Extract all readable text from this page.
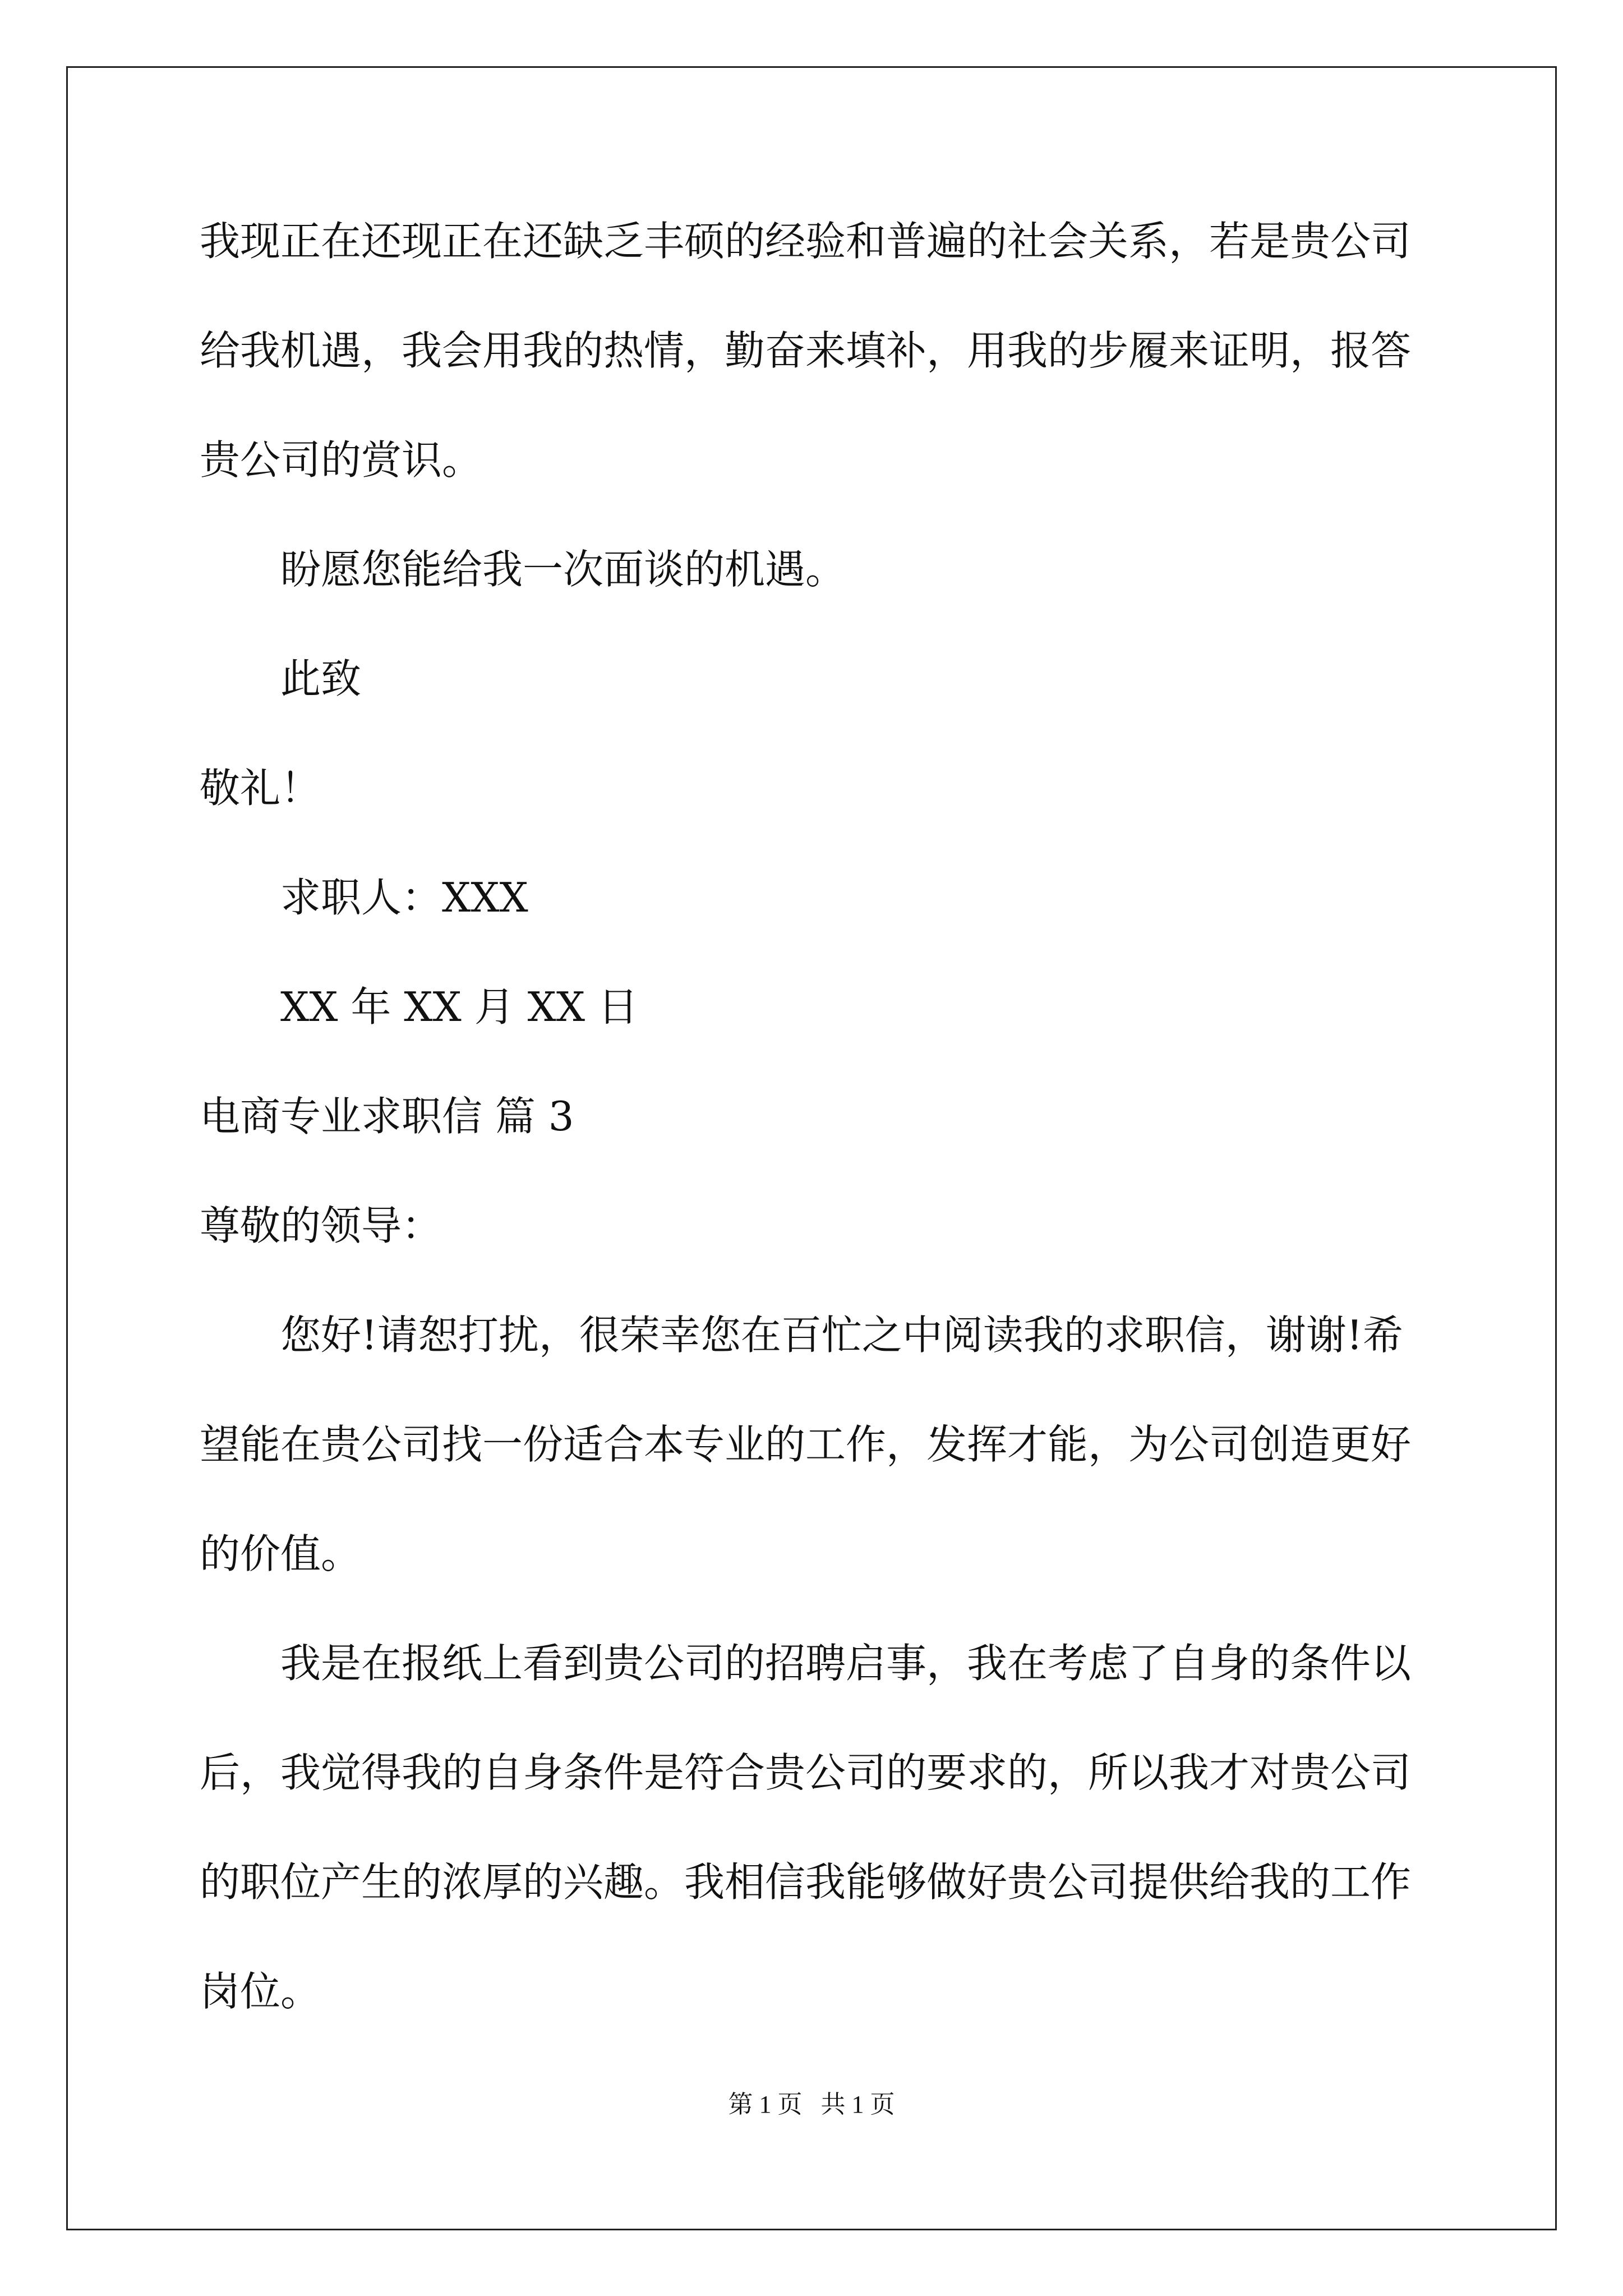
我现正在还现正在还缺乏丰硕的经验和普遍的社会关系，若是贵公司

给我机遇，我会用我的热情，勤奋来填补，用我的步履来证明，报答

贵公司的赏识。

盼愿您能给我一次面谈的机遇。

此致

敬礼！

求职人：XXX

XX 年 XX 月 XX 日

电商专业求职信 篇 3

尊敬的领导：

您好!请恕打扰，很荣幸您在百忙之中阅读我的求职信，谢谢!希

望能在贵公司找一份适合本专业的工作，发挥才能，为公司创造更好

的价值。

我是在报纸上看到贵公司的招聘启事，我在考虑了自身的条件以

后，我觉得我的自身条件是符合贵公司的要求的，所以我才对贵公司

的职位产生的浓厚的兴趣。我相信我能够做好贵公司提供给我的工作

岗位。

第 1 页   共 1 页
